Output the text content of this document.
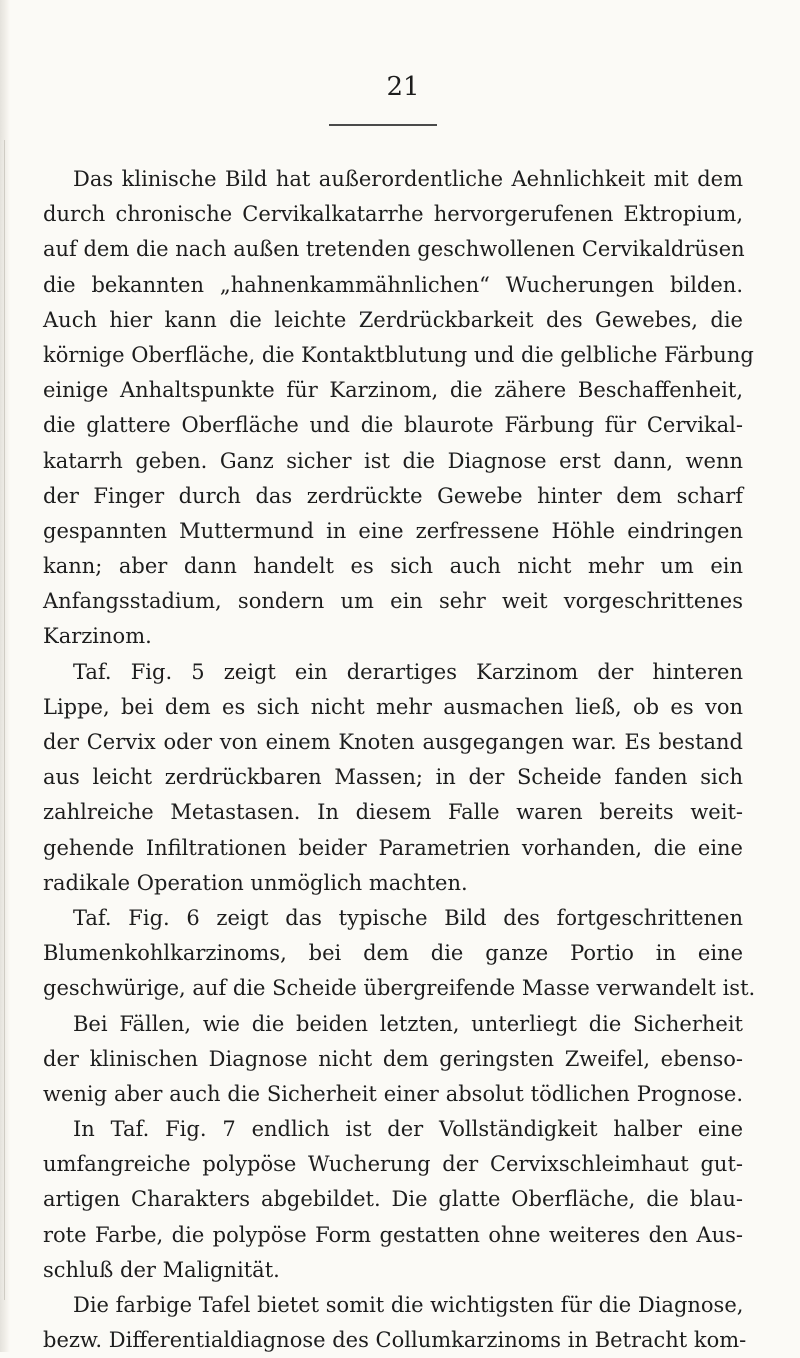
21
Das klinische Bild hat außerordentliche Aehnlichkeit mit dem
durch chronische Cervikalkatarrhe hervorgerufenen Ektropium,
auf dem die nach außen tretenden geschwollenen Cervikaldrüsen
die bekannten „hahnenkammähnlichen“ Wucherungen bilden.
Auch hier kann die leichte Zerdrückbarkeit des Gewebes, die
körnige Oberfläche, die Kontaktblutung und die gelbliche Färbung
einige Anhaltspunkte für Karzinom, die zähere Beschaffenheit,
die glattere Oberfläche und die blaurote Färbung für Cervikal-
katarrh geben. Ganz sicher ist die Diagnose erst dann, wenn
der Finger durch das zerdrückte Gewebe hinter dem scharf
gespannten Muttermund in eine zerfressene Höhle eindringen
kann; aber dann handelt es sich auch nicht mehr um ein
Anfangsstadium, sondern um ein sehr weit vorgeschrittenes
Karzinom.
Taf. Fig. 5 zeigt ein derartiges Karzinom der hinteren
Lippe, bei dem es sich nicht mehr ausmachen ließ, ob es von
der Cervix oder von einem Knoten ausgegangen war. Es bestand
aus leicht zerdrückbaren Massen; in der Scheide fanden sich
zahlreiche Metastasen. In diesem Falle waren bereits weit-
gehende Infiltrationen beider Parametrien vorhanden, die eine
radikale Operation unmöglich machten.
Taf. Fig. 6 zeigt das typische Bild des fortgeschrittenen
Blumenkohlkarzinoms, bei dem die ganze Portio in eine
geschwürige, auf die Scheide übergreifende Masse verwandelt ist.
Bei Fällen, wie die beiden letzten, unterliegt die Sicherheit
der klinischen Diagnose nicht dem geringsten Zweifel, ebenso-
wenig aber auch die Sicherheit einer absolut tödlichen Prognose.
In Taf. Fig. 7 endlich ist der Vollständigkeit halber eine
umfangreiche polypöse Wucherung der Cervixschleimhaut gut-
artigen Charakters abgebildet. Die glatte Oberfläche, die blau-
rote Farbe, die polypöse Form gestatten ohne weiteres den Aus-
schluß der Malignität.
Die farbige Tafel bietet somit die wichtigsten für die Diagnose,
bezw. Differentialdiagnose des Collumkarzinoms in Betracht kom-
